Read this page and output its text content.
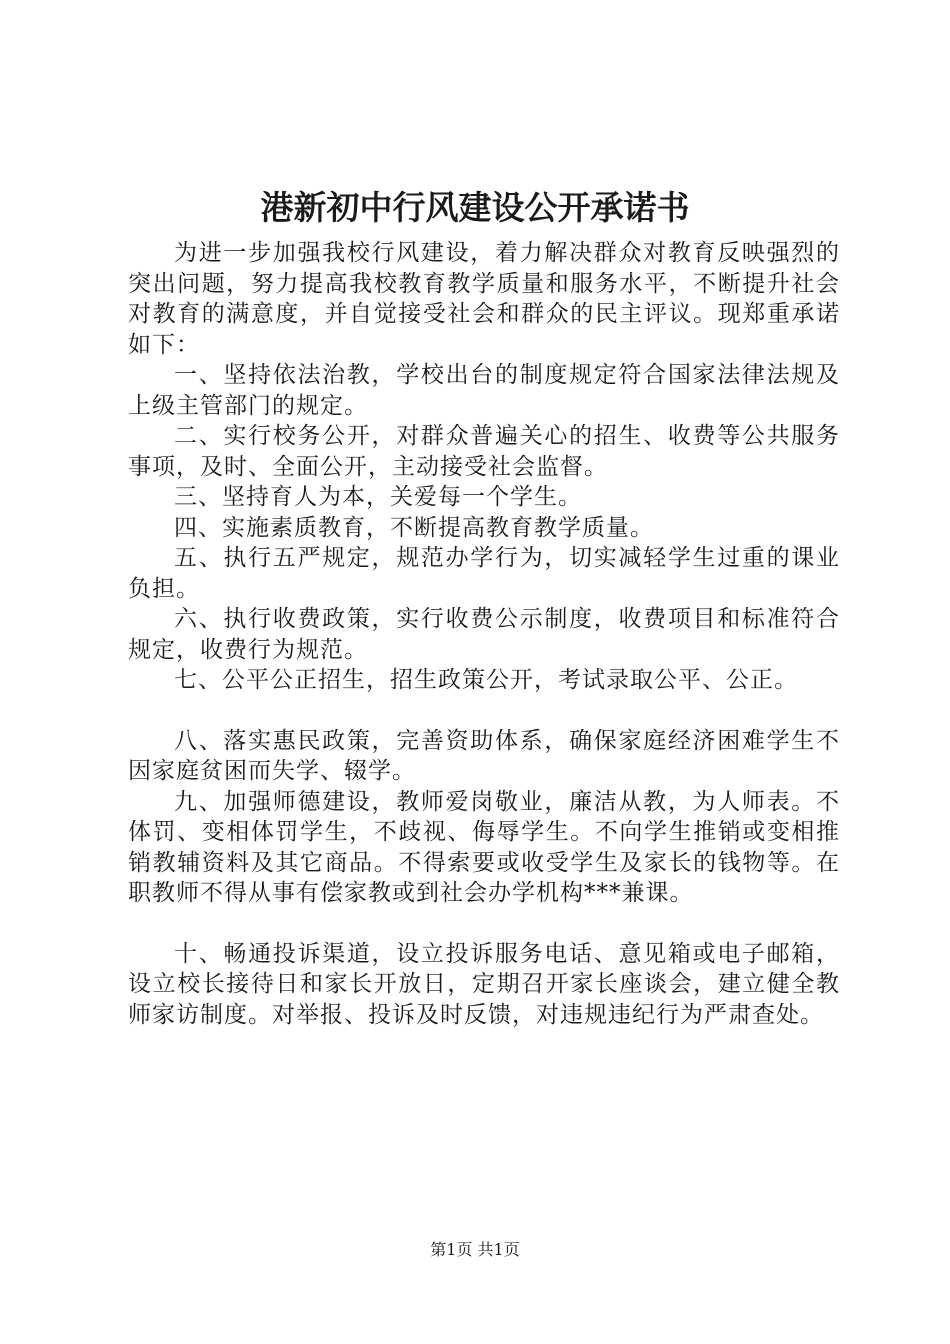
港新初中行风建设公开承诺书

为进一步加强我校行风建设，着力解决群众对教育反映强烈的突出问题，努力提高我校教育教学质量和服务水平，不断提升社会对教育的满意度，并自觉接受社会和群众的民主评议。现郑重承诺如下：

一、坚持依法治教，学校出台的制度规定符合国家法律法规及上级主管部门的规定。

二、实行校务公开，对群众普遍关心的招生、收费等公共服务事项，及时、全面公开，主动接受社会监督。

三、坚持育人为本，关爱每一个学生。

四、实施素质教育，不断提高教育教学质量。

五、执行五严规定，规范办学行为，切实减轻学生过重的课业负担。

六、执行收费政策，实行收费公示制度，收费项目和标准符合规定，收费行为规范。

七、公平公正招生，招生政策公开，考试录取公平、公正。

八、落实惠民政策，完善资助体系，确保家庭经济困难学生不因家庭贫困而失学、辍学。

九、加强师德建设，教师爱岗敬业，廉洁从教，为人师表。不体罚、变相体罚学生，不歧视、侮辱学生。不向学生推销或变相推销教辅资料及其它商品。不得索要或收受学生及家长的钱物等。在职教师不得从事有偿家教或到社会办学机构***兼课。

十、畅通投诉渠道，设立投诉服务电话、意见箱或电子邮箱，设立校长接待日和家长开放日，定期召开家长座谈会，建立健全教师家访制度。对举报、投诉及时反馈，对违规违纪行为严肃查处。

第1页 共1页
